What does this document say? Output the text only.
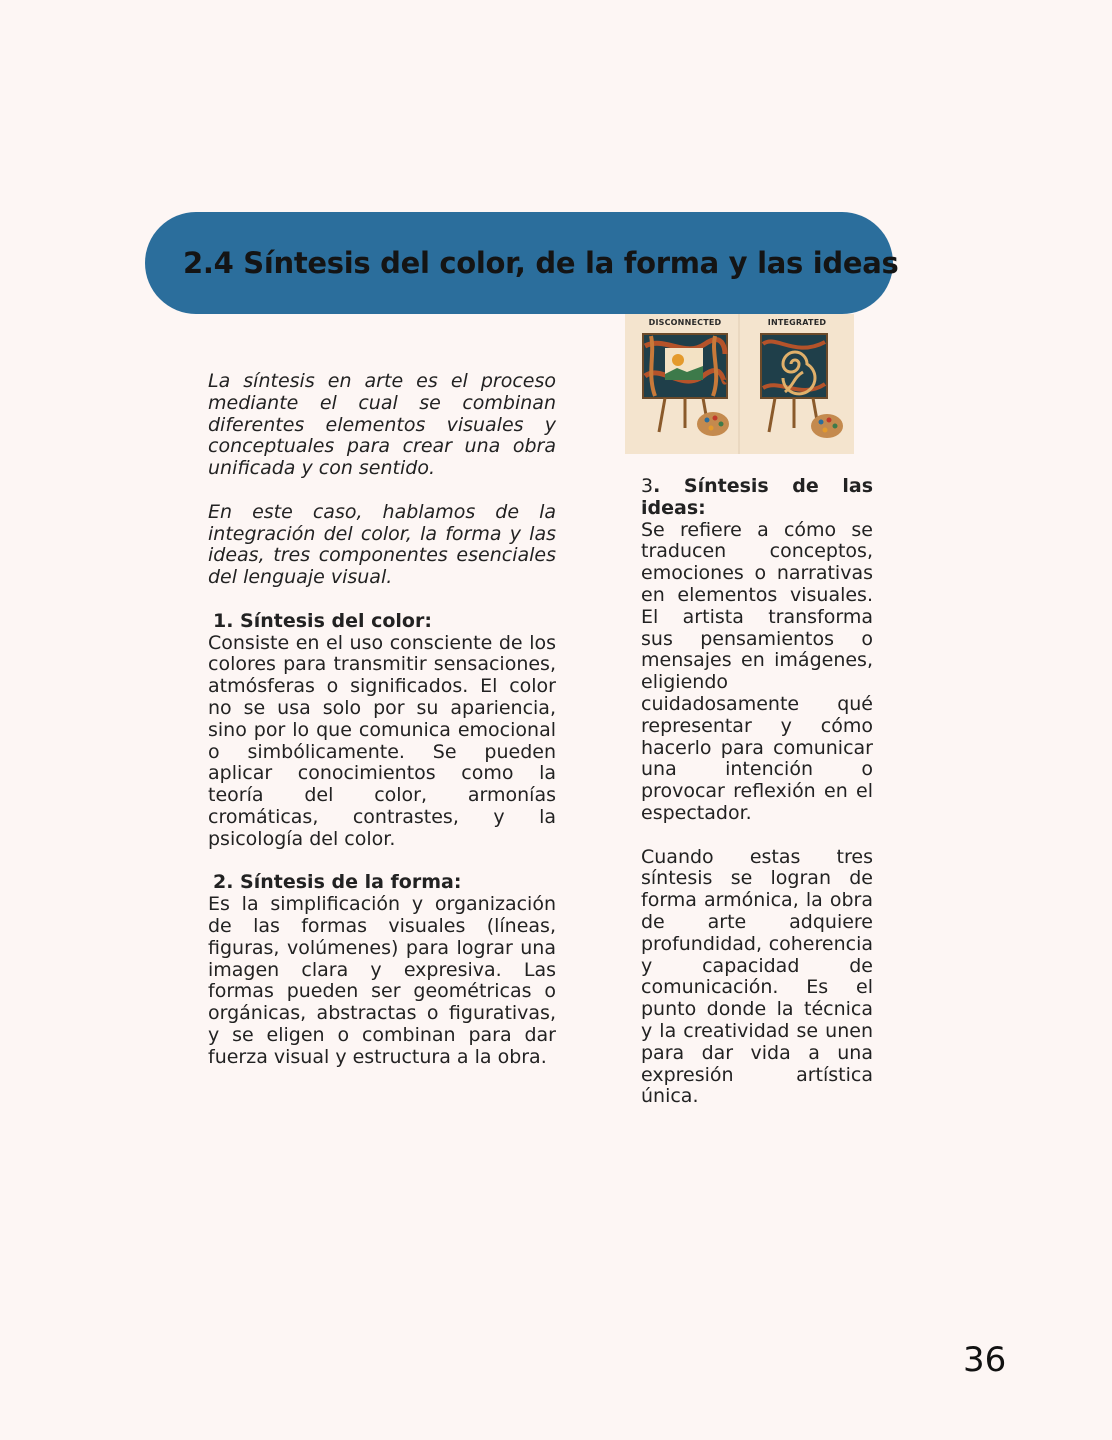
2.4 Síntesis del color, de la forma y las ideas
DISCONNECTED	INTEGRATED

La síntesis en arte es el proceso mediante el cual se combinan diferentes elementos visuales y conceptuales para crear una obra unificada y con sentido.

En este caso, hablamos de la integración del color, la forma y las ideas, tres componentes esenciales del lenguaje visual.

1. Síntesis del color:
Consiste en el uso consciente de los colores para transmitir sensaciones, atmósferas o significados. El color no se usa solo por su apariencia, sino por lo que comunica emocional o simbólicamente. Se pueden aplicar conocimientos como la teoría del color, armonías cromáticas, contrastes, y la psicología del color.

2. Síntesis de la forma:
Es la simplificación y organización de las formas visuales (líneas, figuras, volúmenes) para lograr una imagen clara y expresiva. Las formas pueden ser geométricas o orgánicas, abstractas o figurativas, y se eligen o combinan para dar fuerza visual y estructura a la obra.

3. Síntesis de las ideas:
Se refiere a cómo se traducen conceptos, emociones o narrativas en elementos visuales. El artista transforma sus pensamientos o mensajes en imágenes, eligiendo cuidadosamente qué representar y cómo hacerlo para comunicar una intención o provocar reflexión en el espectador.

Cuando estas tres síntesis se logran de forma armónica, la obra de arte adquiere profundidad, coherencia y capacidad de comunicación. Es el punto donde la técnica y la creatividad se unen para dar vida a una expresión artística única.

36
